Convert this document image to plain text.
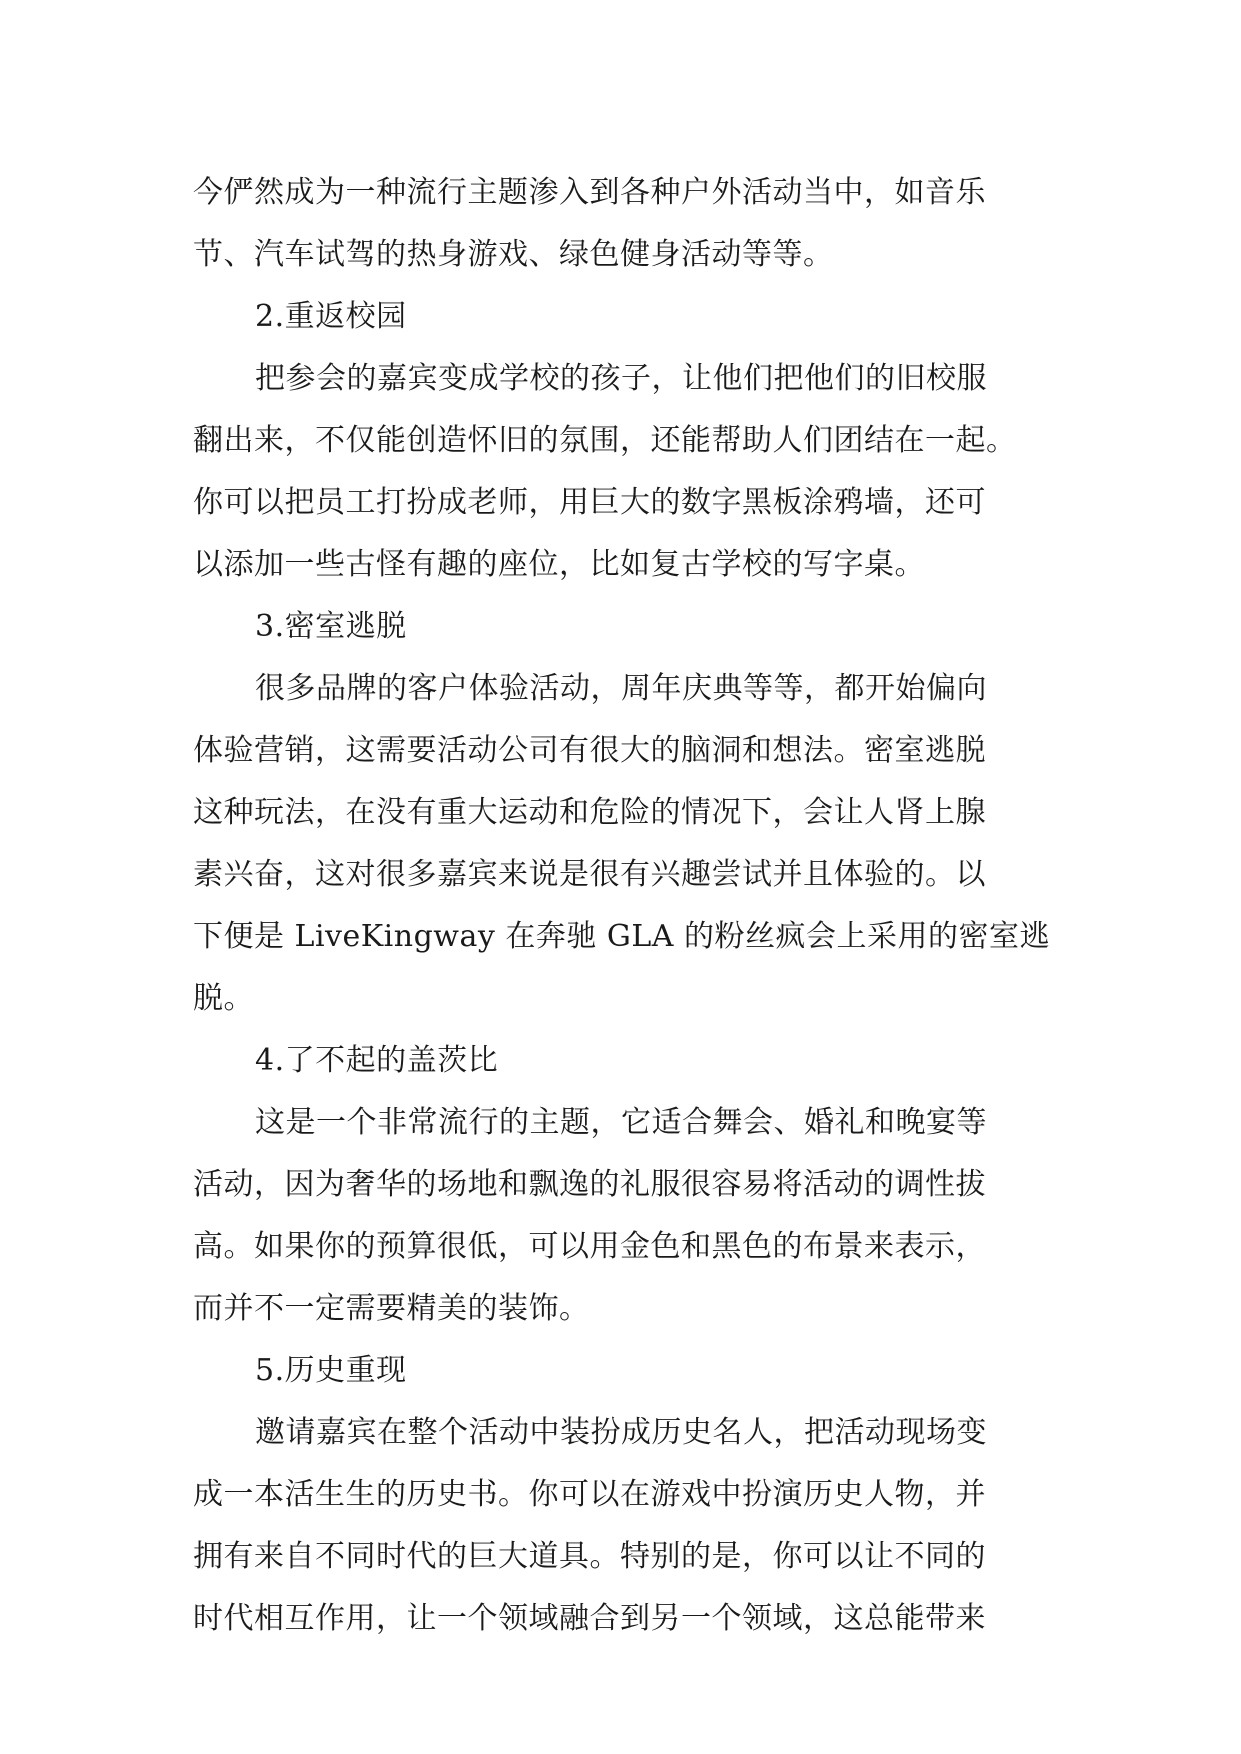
今俨然成为一种流行主题渗入到各种户外活动当中，如音乐
节、汽车试驾的热身游戏、绿色健身活动等等。
2.重返校园
把参会的嘉宾变成学校的孩子，让他们把他们的旧校服
翻出来，不仅能创造怀旧的氛围，还能帮助人们团结在一起。
你可以把员工打扮成老师，用巨大的数字黑板涂鸦墙，还可
以添加一些古怪有趣的座位，比如复古学校的写字桌。
3.密室逃脱
很多品牌的客户体验活动，周年庆典等等，都开始偏向
体验营销，这需要活动公司有很大的脑洞和想法。密室逃脱
这种玩法，在没有重大运动和危险的情况下，会让人肾上腺
素兴奋，这对很多嘉宾来说是很有兴趣尝试并且体验的。以
下便是 LiveKingway 在奔驰 GLA 的粉丝疯会上采用的密室逃
脱。
4.了不起的盖茨比
这是一个非常流行的主题，它适合舞会、婚礼和晚宴等
活动，因为奢华的场地和飘逸的礼服很容易将活动的调性拔
高。如果你的预算很低，可以用金色和黑色的布景来表示，
而并不一定需要精美的装饰。
5.历史重现
邀请嘉宾在整个活动中装扮成历史名人，把活动现场变
成一本活生生的历史书。你可以在游戏中扮演历史人物，并
拥有来自不同时代的巨大道具。特别的是，你可以让不同的
时代相互作用，让一个领域融合到另一个领域，这总能带来
